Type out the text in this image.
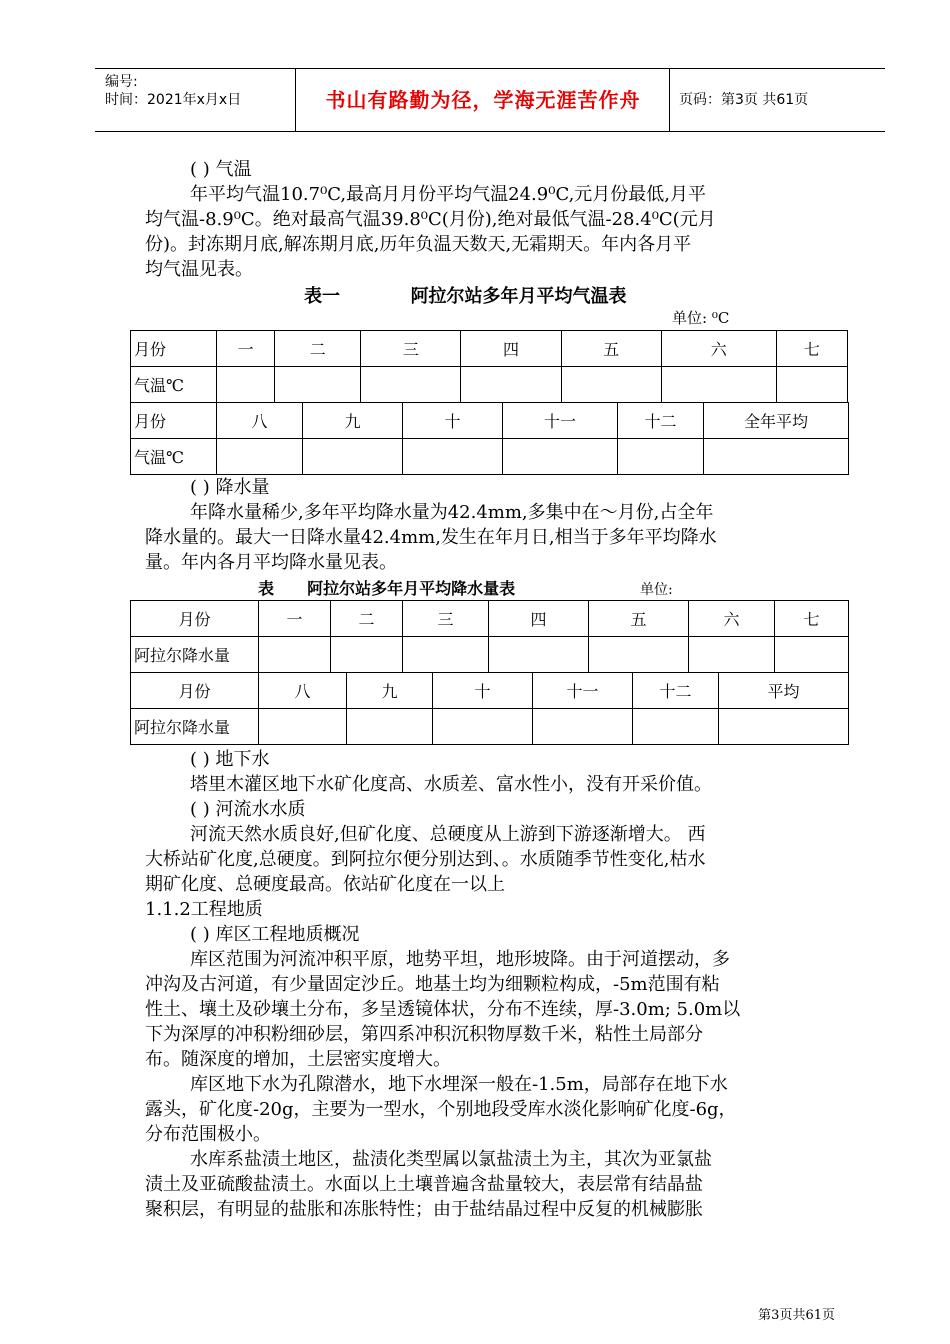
编号:
时间：2021年x月x日	书山有路勤为径，学海无涯苦作舟	页码：第3页 共61页
( ) 气温
年平均气温10.7⁰C,最高月月份平均气温24.9⁰C,元月份最低,月平
均气温-8.9⁰C。绝对最高气温39.8⁰C(月份),绝对最低气温-28.4⁰C(元月
份)。封冻期月底,解冻期月底,历年负温天数天,无霜期天。年内各月平
均气温见表。
表一	阿拉尔站多年月平均气温表
单位: ⁰C
月份	一	二	三	四	五	六	七
气温℃							
月份	八	九	十	十一	十二	全年平均
气温℃						
( ) 降水量
年降水量稀少,多年平均降水量为42.4mm,多集中在～月份,占全年
降水量的。最大一日降水量42.4mm,发生在年月日,相当于多年平均降水
量。年内各月平均降水量见表。
表 阿拉尔站多年月平均降水量表	单位:
月份	一	二	三	四	五	六	七
阿拉尔降水量							
月份	八	九	十	十一	十二	平均
阿拉尔降水量						
( ) 地下水
塔里木灌区地下水矿化度高、水质差、富水性小，没有开采价值。
( ) 河流水水质
河流天然水质良好,但矿化度、总硬度从上游到下游逐渐增大。 西
大桥站矿化度,总硬度。到阿拉尔便分别达到、。水质随季节性变化,枯水
期矿化度、总硬度最高。依站矿化度在一以上
1.1.2工程地质
( ) 库区工程地质概况
库区范围为河流冲积平原，地势平坦，地形坡降。由于河道摆动，多
冲沟及古河道，有少量固定沙丘。地基土均为细颗粒构成，-5m范围有粘
性土、壤土及砂壤土分布，多呈透镜体状，分布不连续，厚-3.0m; 5.0m以
下为深厚的冲积粉细砂层，第四系冲积沉积物厚数千米，粘性土局部分
布。随深度的增加，土层密实度增大。
库区地下水为孔隙潜水，地下水埋深一般在-1.5m，局部存在地下水
露头，矿化度-20g，主要为一型水，个别地段受库水淡化影响矿化度-6g，
分布范围极小。
水库系盐渍土地区，盐渍化类型属以氯盐渍土为主，其次为亚氯盐
渍土及亚硫酸盐渍土。水面以上土壤普遍含盐量较大，表层常有结晶盐
聚积层，有明显的盐胀和冻胀特性；由于盐结晶过程中反复的机械膨胀
第3页共61页
